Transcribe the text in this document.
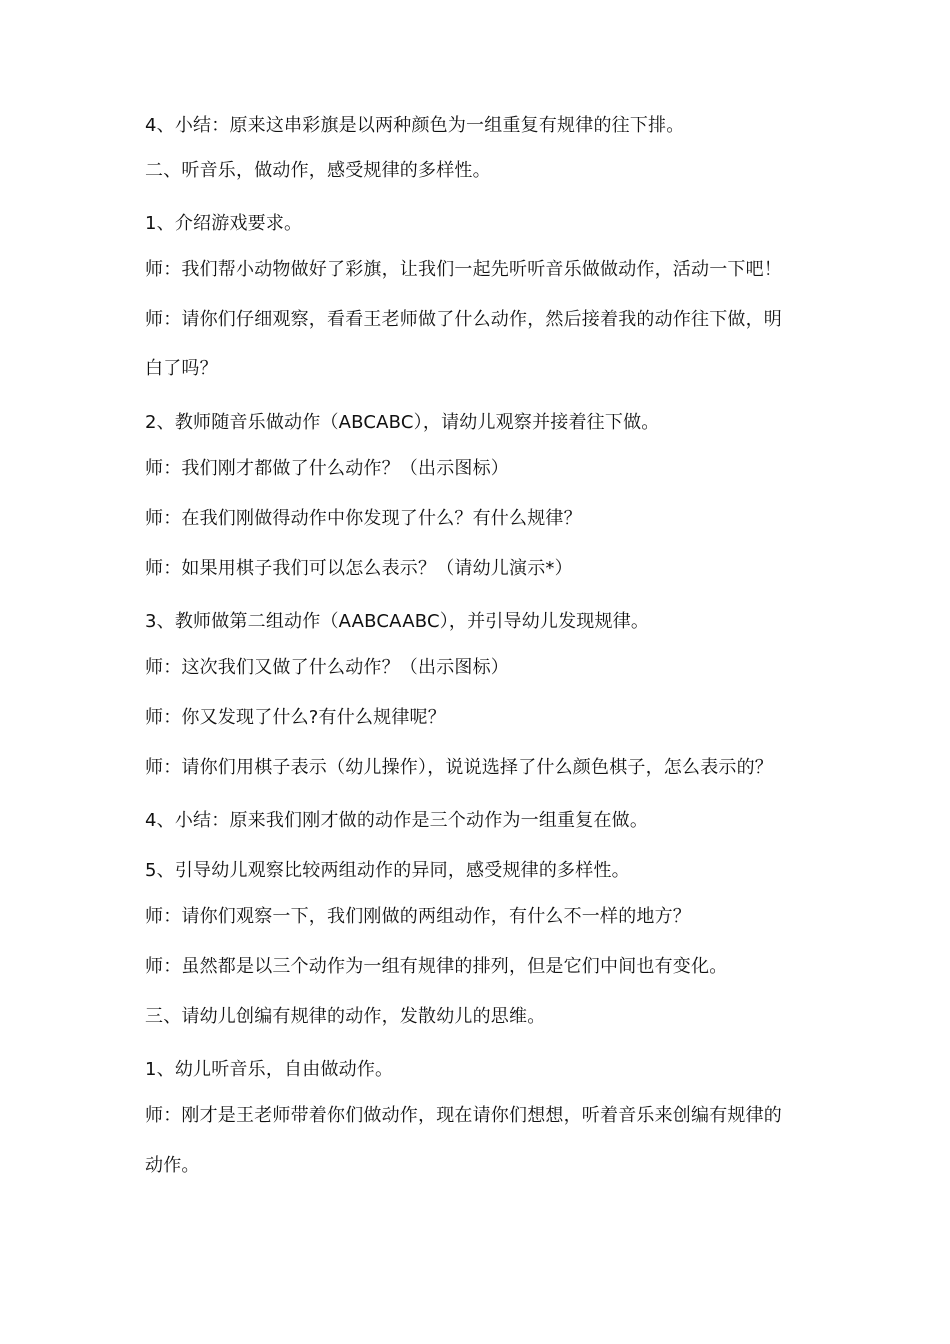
4、小结：原来这串彩旗是以两种颜色为一组重复有规律的往下排。
二、听音乐，做动作，感受规律的多样性。
1、介绍游戏要求。
师：我们帮小动物做好了彩旗，让我们一起先听听音乐做做动作，活动一下吧！
师：请你们仔细观察，看看王老师做了什么动作，然后接着我的动作往下做，明
白了吗？
2、教师随音乐做动作（ABCABC），请幼儿观察并接着往下做。
师：我们刚才都做了什么动作？（出示图标）
师：在我们刚做得动作中你发现了什么？有什么规律？
师：如果用棋子我们可以怎么表示？（请幼儿演示*）
3、教师做第二组动作（AABCAABC），并引导幼儿发现规律。
师：这次我们又做了什么动作？（出示图标）
师：你又发现了什么?有什么规律呢？
师：请你们用棋子表示（幼儿操作），说说选择了什么颜色棋子，怎么表示的？
4、小结：原来我们刚才做的动作是三个动作为一组重复在做。
5、引导幼儿观察比较两组动作的异同，感受规律的多样性。
师：请你们观察一下，我们刚做的两组动作，有什么不一样的地方？
师：虽然都是以三个动作为一组有规律的排列，但是它们中间也有变化。
三、请幼儿创编有规律的动作，发散幼儿的思维。
1、幼儿听音乐，自由做动作。
师：刚才是王老师带着你们做动作，现在请你们想想，听着音乐来创编有规律的
动作。
